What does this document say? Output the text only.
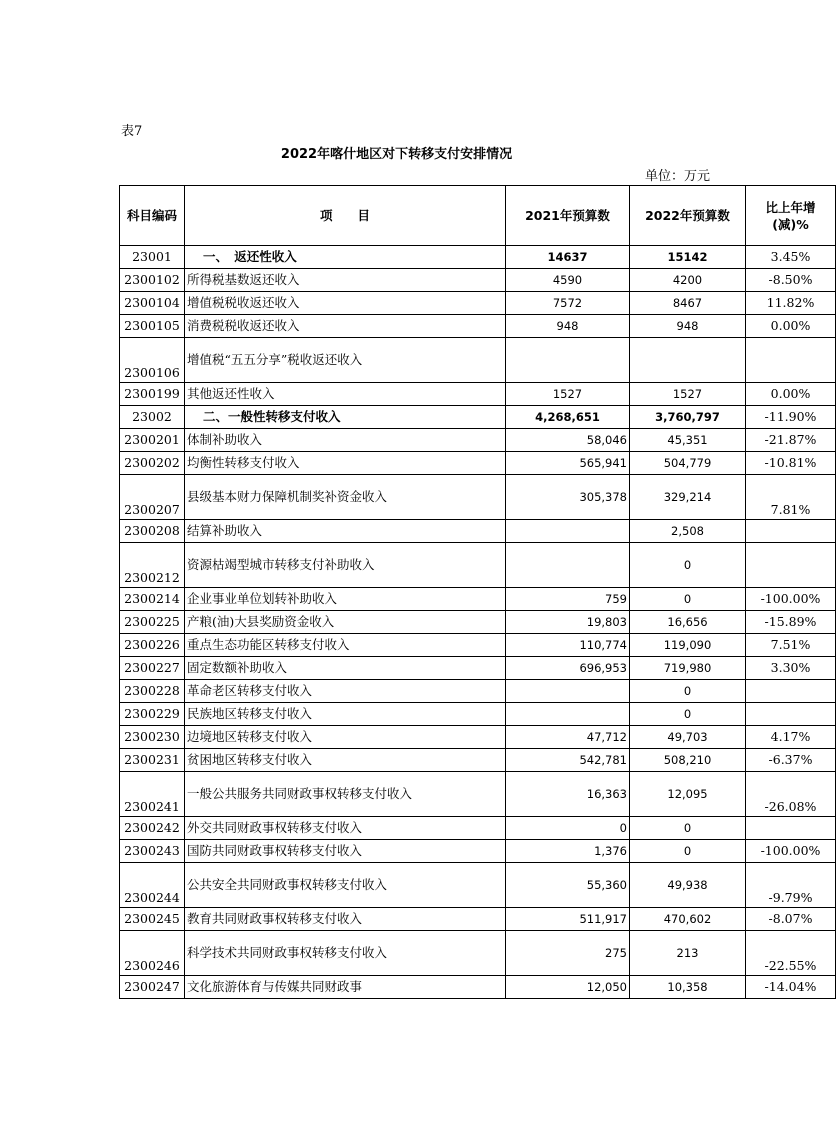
表7
2022年喀什地区对下转移支付安排情况
单位：万元
科目编码	项　　目	2021年预算数	2022年预算数	比上年增(减)%
23001	一、　返还性收入	14637	15142	3.45%
2300102	所得税基数返还收入	4590	4200	-8.50%
2300104	增值税税收返还收入	7572	8467	11.82%
2300105	消费税税收返还收入	948	948	0.00%
2300106	增值税“五五分享”税收返还收入			
2300199	其他返还性收入	1527	1527	0.00%
23002	二、一般性转移支付收入	4,268,651	3,760,797	-11.90%
2300201	体制补助收入	58,046	45,351	-21.87%
2300202	均衡性转移支付收入	565,941	504,779	-10.81%
2300207	县级基本财力保障机制奖补资金收入	305,378	329,214	7.81%
2300208	结算补助收入		2,508	
2300212	资源枯竭型城市转移支付补助收入		0	
2300214	企业事业单位划转补助收入	759	0	-100.00%
2300225	产粮(油)大县奖励资金收入	19,803	16,656	-15.89%
2300226	重点生态功能区转移支付收入	110,774	119,090	7.51%
2300227	固定数额补助收入	696,953	719,980	3.30%
2300228	革命老区转移支付收入		0	
2300229	民族地区转移支付收入		0	
2300230	边境地区转移支付收入	47,712	49,703	4.17%
2300231	贫困地区转移支付收入	542,781	508,210	-6.37%
2300241	一般公共服务共同财政事权转移支付收入	16,363	12,095	-26.08%
2300242	外交共同财政事权转移支付收入	0	0	
2300243	国防共同财政事权转移支付收入	1,376	0	-100.00%
2300244	公共安全共同财政事权转移支付收入	55,360	49,938	-9.79%
2300245	教育共同财政事权转移支付收入	511,917	470,602	-8.07%
2300246	科学技术共同财政事权转移支付收入	275	213	-22.55%
2300247	文化旅游体育与传媒共同财政事	12,050	10,358	-14.04%
